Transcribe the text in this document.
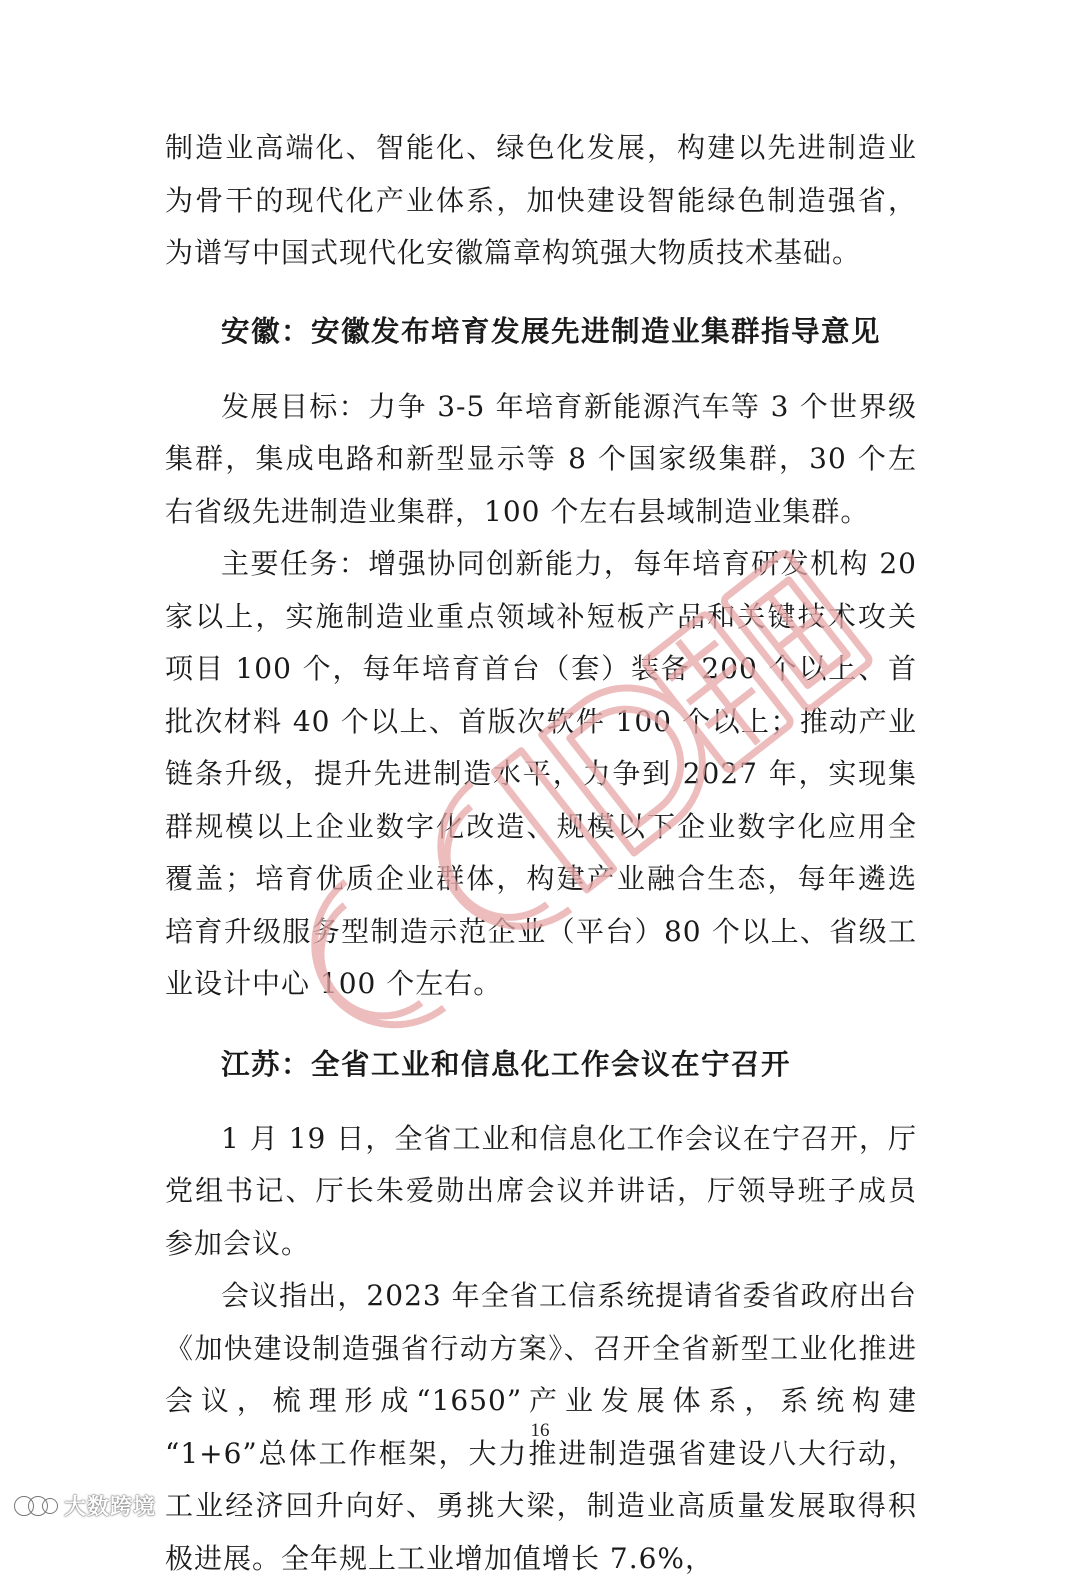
制造业高端化、智能化、绿色化发展，构建以先进制造业为骨干的现代化产业体系，加快建设智能绿色制造强省，为谱写中国式现代化安徽篇章构筑强大物质技术基础。

安徽：安徽发布培育发展先进制造业集群指导意见

发展目标：力争 3-5 年培育新能源汽车等 3 个世界级集群，集成电路和新型显示等 8 个国家级集群，30 个左右省级先进制造业集群，100 个左右县域制造业集群。

主要任务：增强协同创新能力，每年培育研发机构 20 家以上，实施制造业重点领域补短板产品和关键技术攻关项目 100 个，每年培育首台（套）装备 200 个以上、首批次材料 40 个以上、首版次软件 100 个以上；推动产业链条升级，提升先进制造水平，力争到 2027 年，实现集群规模以上企业数字化改造、规模以下企业数字化应用全覆盖；培育优质企业群体，构建产业融合生态，每年遴选培育升级服务型制造示范企业（平台）80 个以上、省级工业设计中心 100 个左右。

江苏：全省工业和信息化工作会议在宁召开

1 月 19 日，全省工业和信息化工作会议在宁召开，厅党组书记、厅长朱爱勋出席会议并讲话，厅领导班子成员参加会议。

会议指出，2023 年全省工信系统提请省委省政府出台《加快建设制造强省行动方案》、召开全省新型工业化推进会议，梳理形成“1650”产业发展体系，系统构建 “1+6”总体工作框架，大力推进制造强省建设八大行动，工业经济回升向好、勇挑大梁，制造业高质量发展取得积极进展。全年规上工业增加值增长 7.6%，

16
大数跨境
